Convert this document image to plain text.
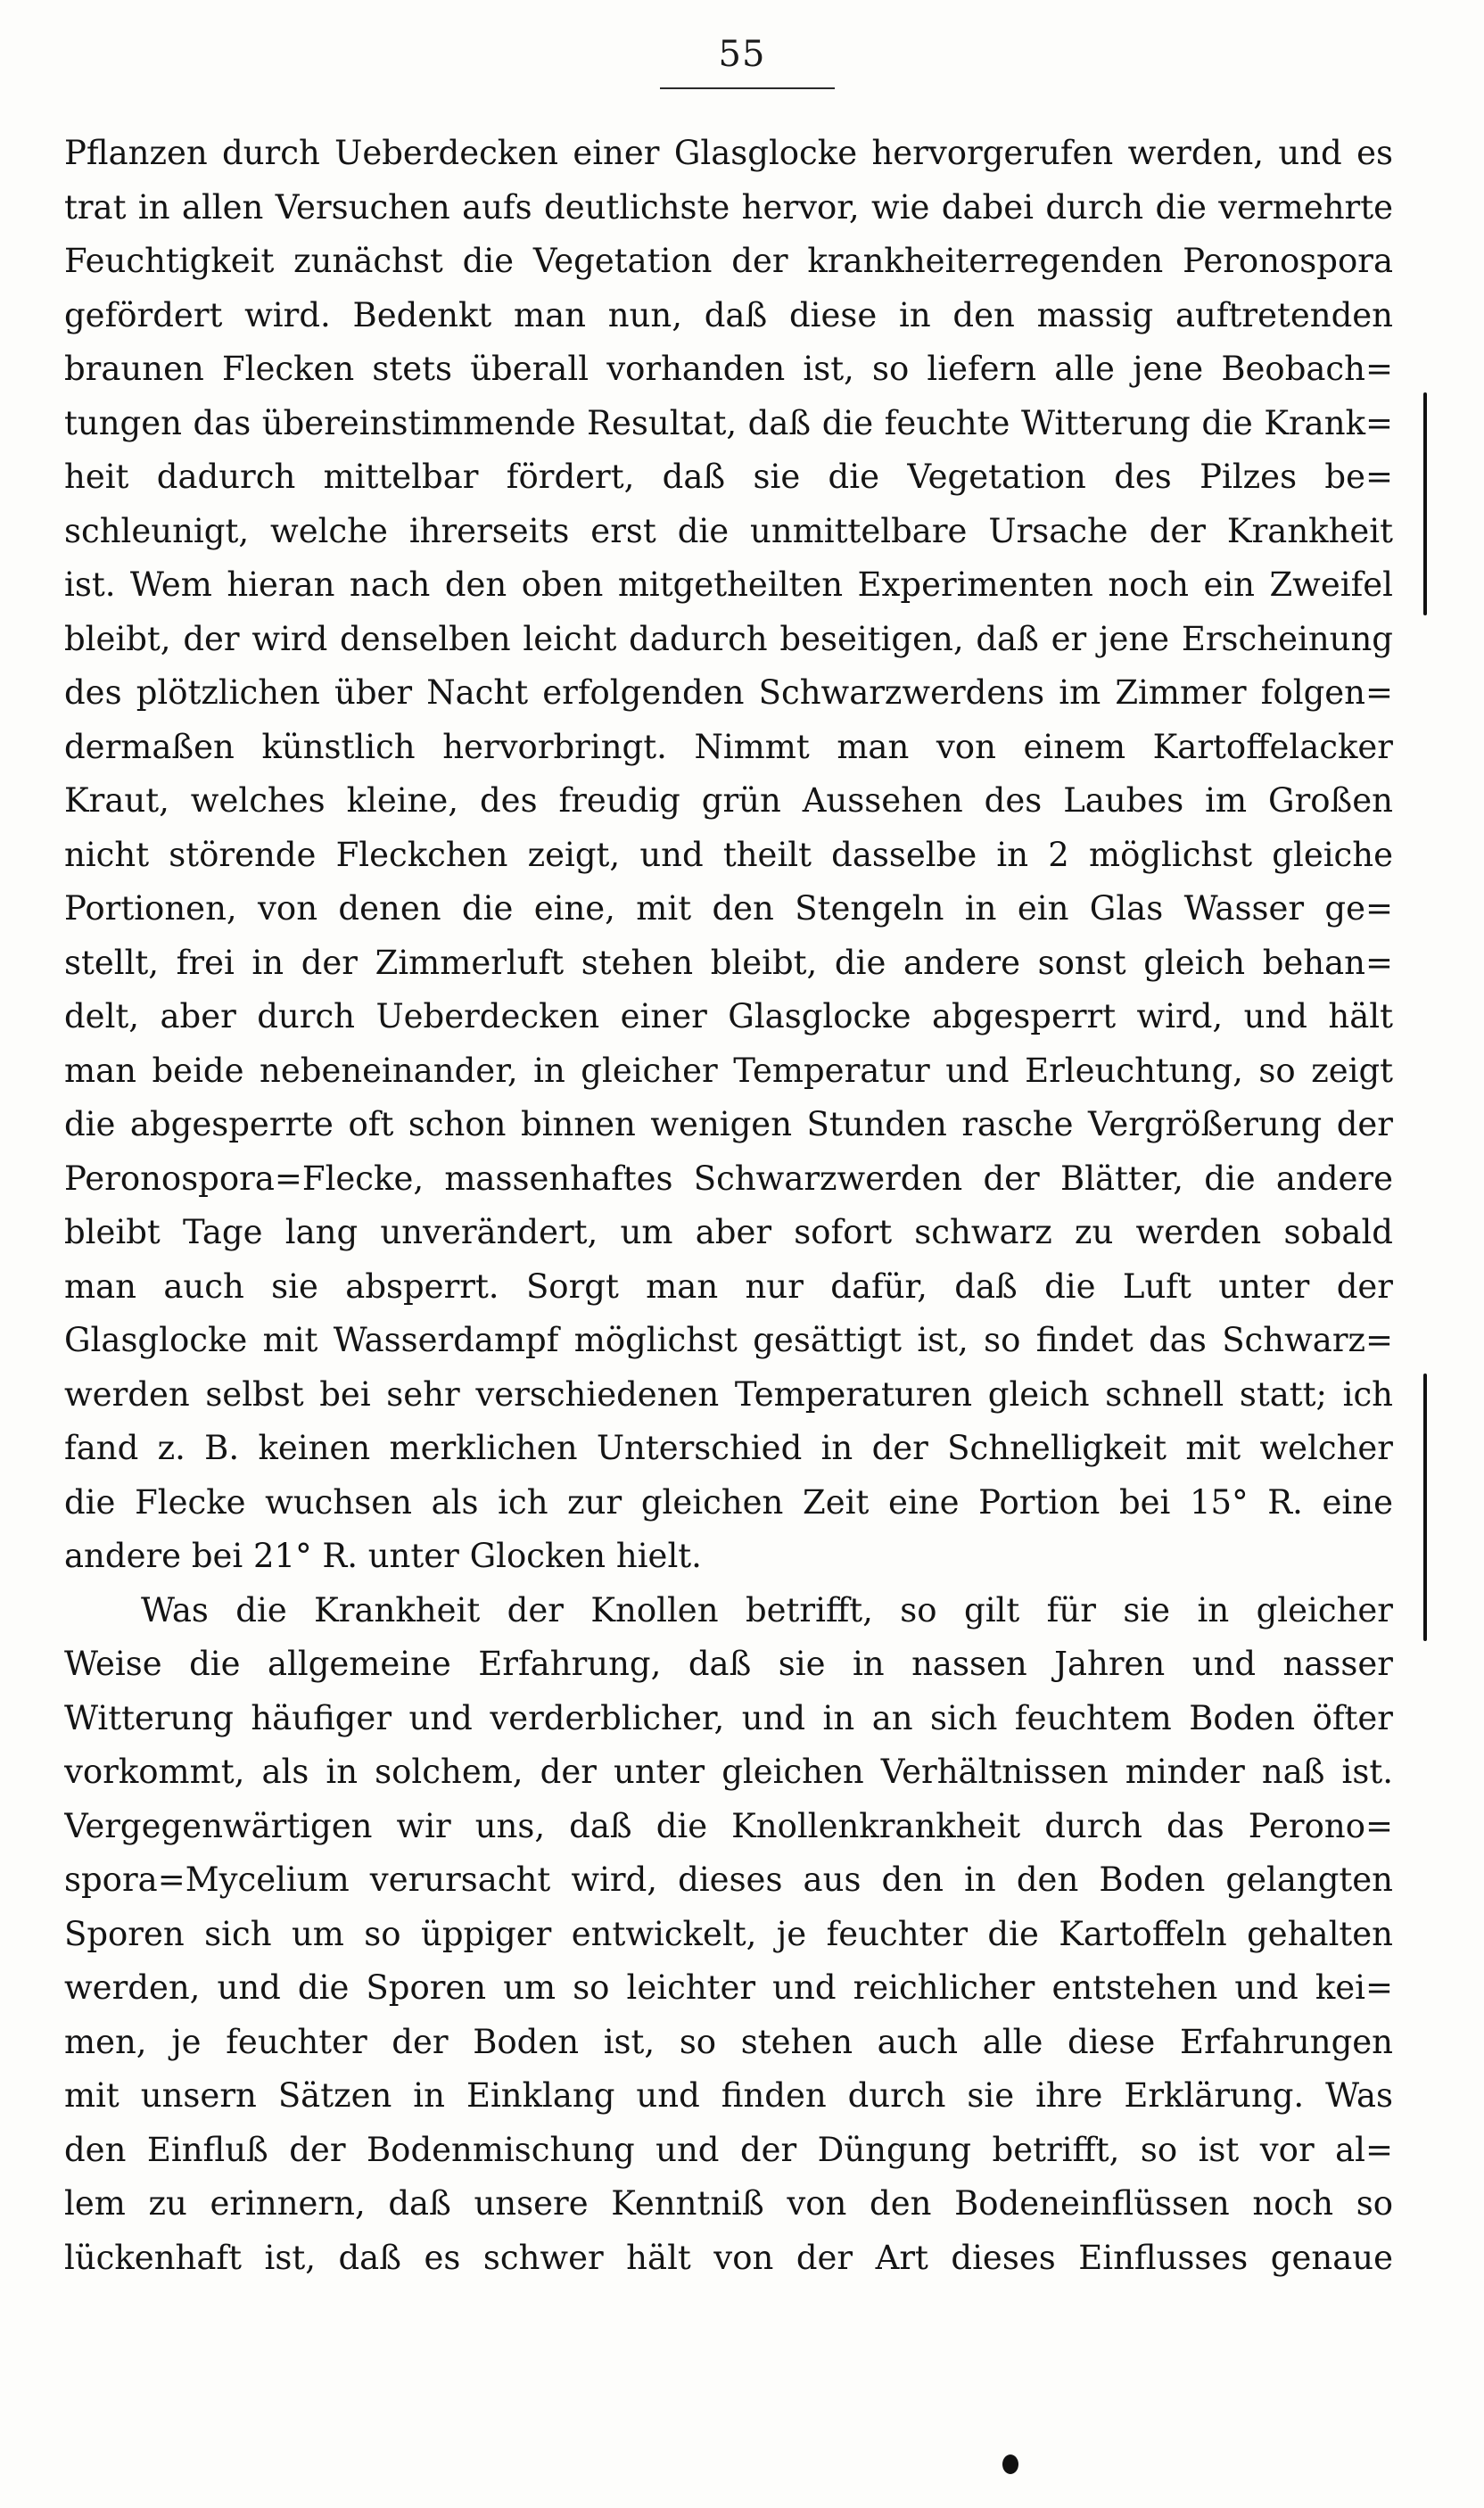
55
Pflanzen durch Ueberdecken einer Glasglocke hervorgerufen werden, und es
trat in allen Versuchen aufs deutlichste hervor, wie dabei durch die vermehrte
Feuchtigkeit zunächst die Vegetation der krankheiterregenden Peronospora
gefördert wird. Bedenkt man nun, daß diese in den massig auftretenden
braunen Flecken stets überall vorhanden ist, so liefern alle jene Beobach=
tungen das übereinstimmende Resultat, daß die feuchte Witterung die Krank=
heit dadurch mittelbar fördert, daß sie die Vegetation des Pilzes be=
schleunigt, welche ihrerseits erst die unmittelbare Ursache der Krankheit
ist. Wem hieran nach den oben mitgetheilten Experimenten noch ein Zweifel
bleibt, der wird denselben leicht dadurch beseitigen, daß er jene Erscheinung
des plötzlichen über Nacht erfolgenden Schwarzwerdens im Zimmer folgen=
dermaßen künstlich hervorbringt. Nimmt man von einem Kartoffelacker
Kraut, welches kleine, des freudig grün Aussehen des Laubes im Großen
nicht störende Fleckchen zeigt, und theilt dasselbe in 2 möglichst gleiche
Portionen, von denen die eine, mit den Stengeln in ein Glas Wasser ge=
stellt, frei in der Zimmerluft stehen bleibt, die andere sonst gleich behan=
delt, aber durch Ueberdecken einer Glasglocke abgesperrt wird, und hält
man beide nebeneinander, in gleicher Temperatur und Erleuchtung, so zeigt
die abgesperrte oft schon binnen wenigen Stunden rasche Vergrößerung der
Peronospora=Flecke, massenhaftes Schwarzwerden der Blätter, die andere
bleibt Tage lang unverändert, um aber sofort schwarz zu werden sobald
man auch sie absperrt. Sorgt man nur dafür, daß die Luft unter der
Glasglocke mit Wasserdampf möglichst gesättigt ist, so findet das Schwarz=
werden selbst bei sehr verschiedenen Temperaturen gleich schnell statt; ich
fand z. B. keinen merklichen Unterschied in der Schnelligkeit mit welcher
die Flecke wuchsen als ich zur gleichen Zeit eine Portion bei 15° R. eine
andere bei 21° R. unter Glocken hielt.
Was die Krankheit der Knollen betrifft, so gilt für sie in gleicher
Weise die allgemeine Erfahrung, daß sie in nassen Jahren und nasser
Witterung häufiger und verderblicher, und in an sich feuchtem Boden öfter
vorkommt, als in solchem, der unter gleichen Verhältnissen minder naß ist.
Vergegenwärtigen wir uns, daß die Knollenkrankheit durch das Perono=
spora=Mycelium verursacht wird, dieses aus den in den Boden gelangten
Sporen sich um so üppiger entwickelt, je feuchter die Kartoffeln gehalten
werden, und die Sporen um so leichter und reichlicher entstehen und kei=
men, je feuchter der Boden ist, so stehen auch alle diese Erfahrungen
mit unsern Sätzen in Einklang und finden durch sie ihre Erklärung. Was
den Einfluß der Bodenmischung und der Düngung betrifft, so ist vor al=
lem zu erinnern, daß unsere Kenntniß von den Bodeneinflüssen noch so
lückenhaft ist, daß es schwer hält von der Art dieses Einflusses genaue
